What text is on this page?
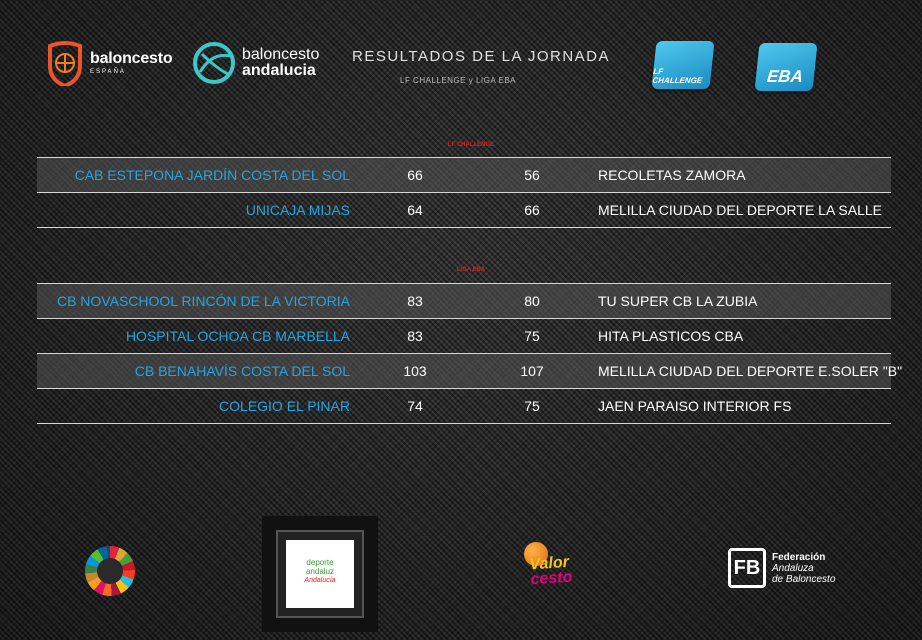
baloncesto
ESPAÑA
baloncesto
andalucia
RESULTADOS DE LA JORNADA
LF CHALLENGE y LIGA EBA
LF CHALLENGE	EBA
LF CHALLENGE
CAB ESTEPONA JARDÍN COSTA DEL SOL	66	56	RECOLETAS ZAMORA
UNICAJA MIJAS	64	66	MELILLA CIUDAD DEL DEPORTE LA SALLE
LIGA EBA
CB NOVASCHOOL RINCÓN DE LA VICTORIA	83	80	TU SUPER CB LA ZUBIA
HOSPITAL OCHOA CB MARBELLA	83	75	HITA PLASTICOS CBA
CB BENAHAVÍS COSTA DEL SOL	103	107	MELILLA CIUDAD DEL DEPORTE E.SOLER "B"
COLEGIO EL PINAR	74	75	JAEN PARAISO INTERIOR FS
deporte
andaluz
Andalucía
Valor
cesto	FB	Federación
Andaluza
de Baloncesto
